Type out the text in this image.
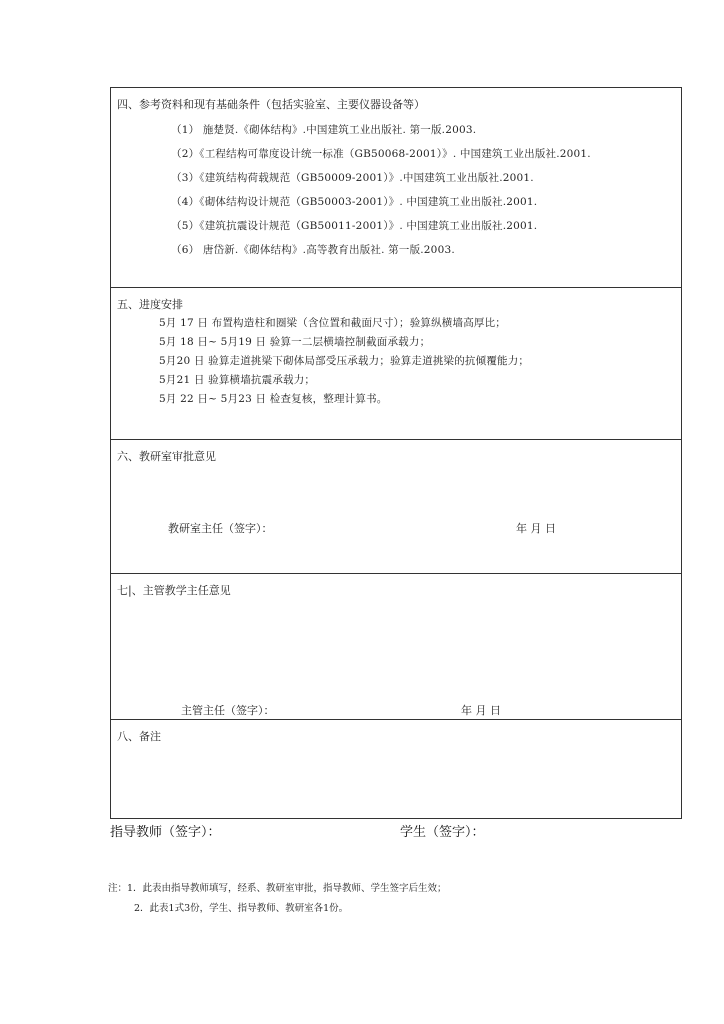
四、参考资料和现有基础条件（包括实验室、主要仪器设备等）
（1） 施楚贤.《砌体结构》.中国建筑工业出版社. 第一版.2003.
（2）《工程结构可靠度设计统一标准（GB50068-2001）》. 中国建筑工业出版社.2001.
（3）《建筑结构荷载规范（GB50009-2001）》.中国建筑工业出版社.2001.
（4）《砌体结构设计规范（GB50003-2001）》. 中国建筑工业出版社.2001.
（5）《建筑抗震设计规范（GB50011-2001）》. 中国建筑工业出版社.2001.
（6） 唐岱新.《砌体结构》.高等教育出版社. 第一版.2003.
五、进度安排
5月 17 日 布置构造柱和圈梁（含位置和截面尺寸）；验算纵横墙高厚比；
5月 18 日~ 5月19 日 验算一二层横墙控制截面承载力；
5月20 日 验算走道挑梁下砌体局部受压承载力；验算走道挑梁的抗倾覆能力；
5月21 日 验算横墙抗震承载力；
5月 22 日~ 5月23 日 检查复核，整理计算书。
六、教研室审批意见
教研室主任（签字）：	年 月 日
七|、主管教学主任意见
主管主任（签字）：	年 月 日
八、备注
指导教师（签字）：	学生（签字）：
注：1．此表由指导教师填写，经系、教研室审批，指导教师、学生签字后生效；
2．此表1式3份，学生、指导教师、教研室各1份。
